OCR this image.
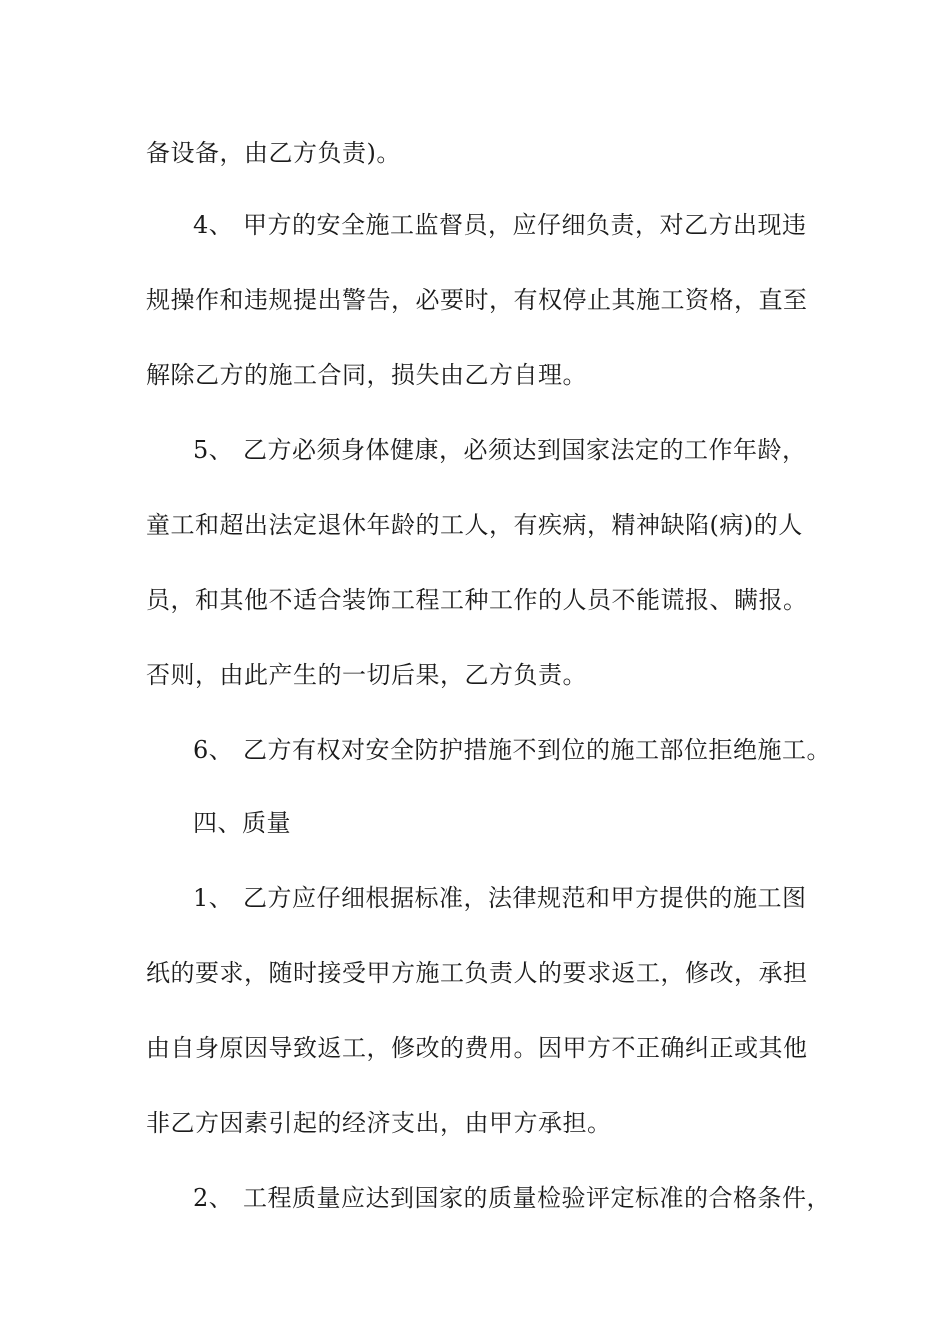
备设备，由乙方负责)。
4、 甲方的安全施工监督员，应仔细负责，对乙方出现违
规操作和违规提出警告，必要时，有权停止其施工资格，直至
解除乙方的施工合同，损失由乙方自理。
5、 乙方必须身体健康，必须达到国家法定的工作年龄，
童工和超出法定退休年龄的工人，有疾病，精神缺陷(病)的人
员，和其他不适合装饰工程工种工作的人员不能谎报、瞒报。
否则，由此产生的一切后果，乙方负责。
6、 乙方有权对安全防护措施不到位的施工部位拒绝施工。
四、质量
1、 乙方应仔细根据标准，法律规范和甲方提供的施工图
纸的要求，随时接受甲方施工负责人的要求返工，修改，承担
由自身原因导致返工，修改的费用。因甲方不正确纠正或其他
非乙方因素引起的经济支出，由甲方承担。
2、 工程质量应达到国家的质量检验评定标准的合格条件，
